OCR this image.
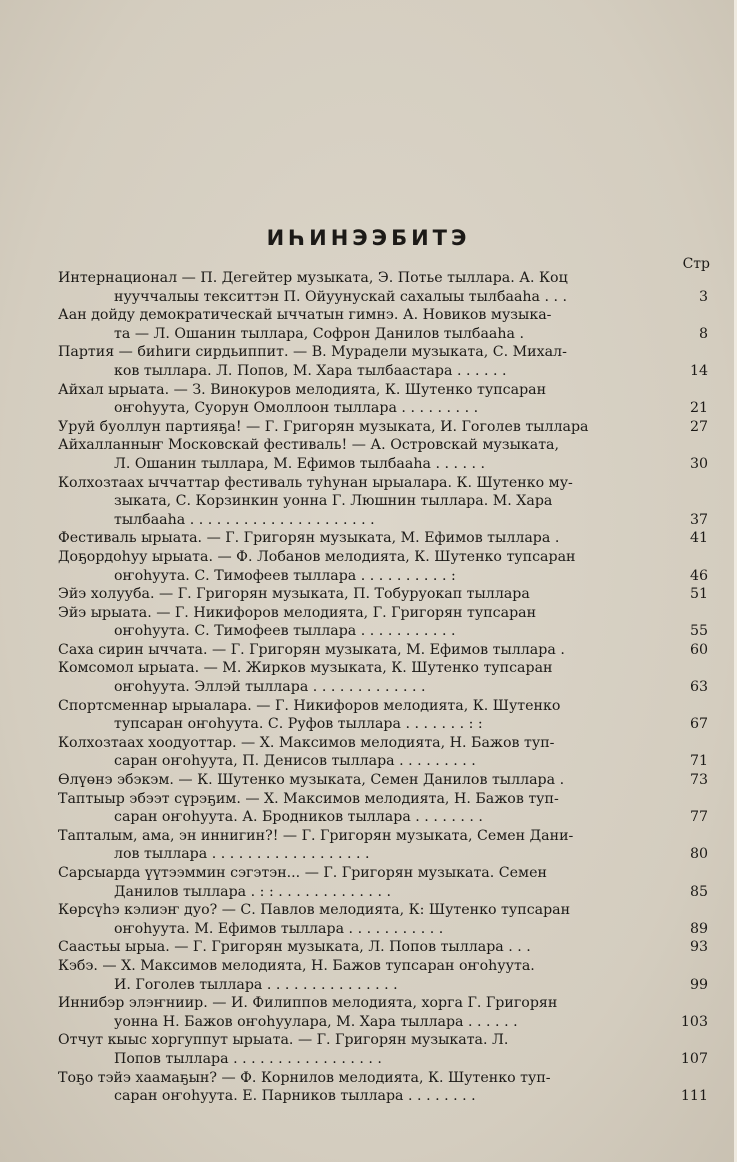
ИҺИНЭЭБИТЭ
Стр
Интернационал — П. Дегейтер музыката, Э. Потье тыллара. А. Коц
нууччалыы текситтэн П. Ойуунускай сахалыы тылбааһа . . .	3
Аан дойду демократическай ыччатын гимнэ. А. Новиков музыка-
та — Л. Ошанин тыллара, Софрон Данилов тылбааһа .	8
Партия — биһиги сирдьиппит. — В. Мурадели музыката, С. Михал-
ков тыллара. Л. Попов, М. Хара тылбаастара . . . . . .	14
Айхал ырыата. — З. Винокуров мелодията, К. Шутенко тупсаран
оҥоһуута, Суорун Омоллоон тыллара . . . . . . . . .	21
Уруй буоллун партияҕа! — Г. Григорян музыката, И. Гоголев тыллара	27
Айхалланныҥ Московскай фестиваль! — А. Островскай музыката,
Л. Ошанин тыллара, М. Ефимов тылбааһа . . . . . .	30
Колхозтаах ыччаттар фестиваль туһунан ырыалара. К. Шутенко му-
зыката, С. Корзинкин уонна Г. Люшнин тыллара. М. Хара
тылбааһа . . . . . . . . . . . . . . . . . . . . .	37
Фестиваль ырыата. — Г. Григорян музыката, М. Ефимов тыллара .	41
Доҕордоһуу ырыата. — Ф. Лобанов мелодията, К. Шутенко тупсаран
оҥоһуута. С. Тимофеев тыллара . . . . . . . . . . :	46
Эйэ холууба. — Г. Григорян музыката, П. Тобуруокап тыллара	51
Эйэ ырыата. — Г. Никифоров мелодията, Г. Григорян тупсаран
оҥоһуута. С. Тимофеев тыллара . . . . . . . . . . .	55
Саха сирин ыччата. — Г. Григорян музыката, М. Ефимов тыллара .	60
Комсомол ырыата. — М. Жирков музыката, К. Шутенко тупсаран
оҥоһуута. Эллэй тыллара . . . . . . . . . . . . .	63
Спортсменнар ырыалара. — Г. Никифоров мелодията, К. Шутенко
тупсаран оҥоһуута. С. Руфов тыллара . . . . . . . : :	67
Колхозтаах хоодуоттар. — Х. Максимов мелодията, Н. Бажов туп-
саран оҥоһуута, П. Денисов тыллара . . . . . . . . .	71
Өлүөнэ эбэкэм. — К. Шутенко музыката, Семен Данилов тыллара .	73
Таптыыр эбээт сүрэҕим. — Х. Максимов мелодията, Н. Бажов туп-
саран оҥоһуута. А. Бродников тыллара . . . . . . . .	77
Тапталым, ама, эн иннигин?! — Г. Григорян музыката, Семен Дани-
лов тыллара . . . . . . . . . . . . . . . . . .	80
Сарсыарда үүтээммин сэгэтэн... — Г. Григорян музыката. Семен
Данилов тыллара . : : . . . . . . . . . . . . .	85
Көрсүһэ кэлиэҥ дуо? — С. Павлов мелодията, К: Шутенко тупсаран
оҥоһуута. М. Ефимов тыллара . . . . . . . . . . .	89
Саастьы ырыа. — Г. Григорян музыката, Л. Попов тыллара . . .	93
Кэбэ. — Х. Максимов мелодията, Н. Бажов тупсаран оҥоһуута.
И. Гоголев тыллара . . . . . . . . . . . . . . .	99
Иннибэр элэҥниир. — И. Филиппов мелодията, хорга Г. Григорян
уонна Н. Бажов оҥоһуулара, М. Хара тыллара . . . . . .	103
Отчут кыыс хоргуппут ырыата. — Г. Григорян музыката. Л.
Попов тыллара . . . . . . . . . . . . . . . . .	107
Тоҕо тэйэ хаамаҕын? — Ф. Корнилов мелодията, К. Шутенко туп-
саран оҥоһуута. Е. Парников тыллара . . . . . . . .	111
